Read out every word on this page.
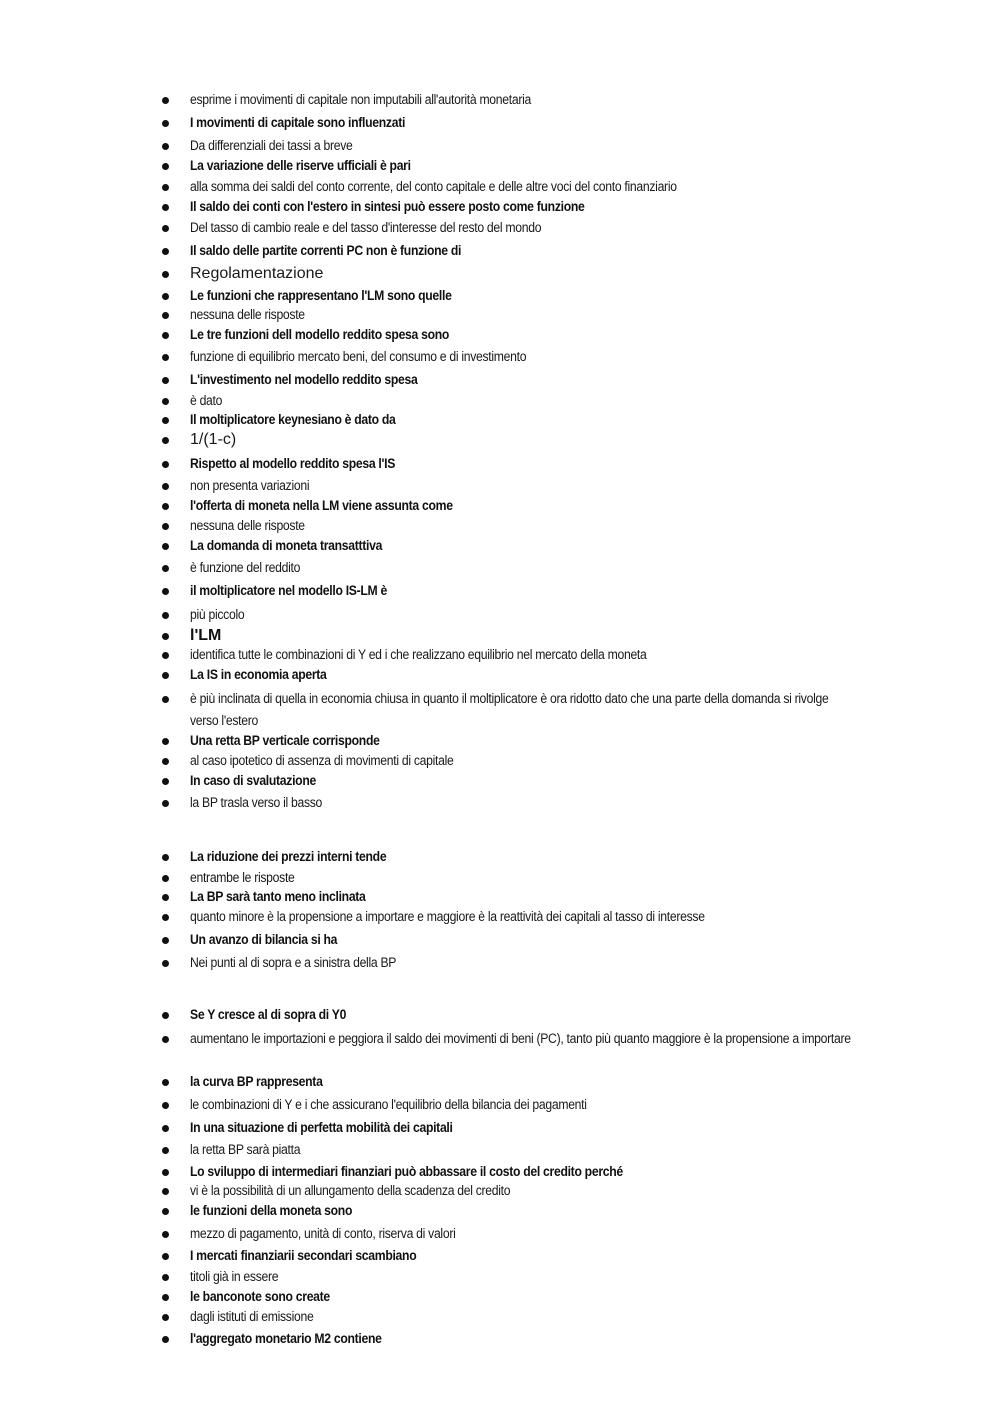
esprime i movimenti di capitale non imputabili all'autorità monetaria
I movimenti di capitale sono influenzati
Da differenziali dei tassi a breve
La variazione delle riserve ufficiali è pari
alla somma dei saldi del conto corrente, del conto capitale e delle altre voci del conto finanziario
Il saldo dei conti con l'estero in sintesi può essere posto come funzione
Del tasso di cambio reale e del tasso d'interesse del resto del mondo
Il saldo delle partite correnti PC non è funzione di
Regolamentazione
Le funzioni che rappresentano l'LM sono quelle
nessuna delle risposte
Le tre funzioni dell modello reddito spesa sono
funzione di equilibrio mercato beni, del consumo e di investimento
L'investimento nel modello reddito spesa
è dato
Il moltiplicatore keynesiano è dato da
1/(1-c)
Rispetto al modello reddito spesa l'IS
non presenta variazioni
l'offerta di moneta nella LM viene assunta come
nessuna delle risposte
La domanda di moneta transatttiva
è funzione del reddito
il moltiplicatore nel modello IS-LM è
più piccolo
l'LM
identifica tutte le combinazioni di Y ed i che realizzano equilibrio nel mercato della moneta
La IS in economia aperta
è più inclinata di quella in economia chiusa in quanto il moltiplicatore è ora ridotto dato che una parte della domanda si rivolge verso l'estero
Una retta BP verticale corrisponde
al caso ipotetico di assenza di movimenti di capitale
In caso di svalutazione
la BP trasla verso il basso
La riduzione dei prezzi interni tende
entrambe le risposte
La BP sarà tanto meno inclinata
quanto minore è la propensione a importare e maggiore è la reattività dei capitali al tasso di interesse
Un avanzo di bilancia si ha
Nei punti al di sopra e a sinistra della BP
Se Y cresce al di sopra di Y0
aumentano le importazioni e peggiora il saldo dei movimenti di beni (PC), tanto più quanto maggiore è la propensione a importare
la curva BP rappresenta
le combinazioni di Y e i che assicurano l'equilibrio della bilancia dei pagamenti
In una situazione di perfetta mobilità dei capitali
la retta BP sarà piatta
Lo sviluppo di intermediari finanziari può abbassare il costo del credito perché
vi è la possibilità di un allungamento della scadenza del credito
le funzioni della moneta sono
mezzo di pagamento, unità di conto, riserva di valori
I mercati finanziarii secondari scambiano
titoli già in essere
le banconote sono create
dagli istituti di emissione
l'aggregato monetario M2 contiene
